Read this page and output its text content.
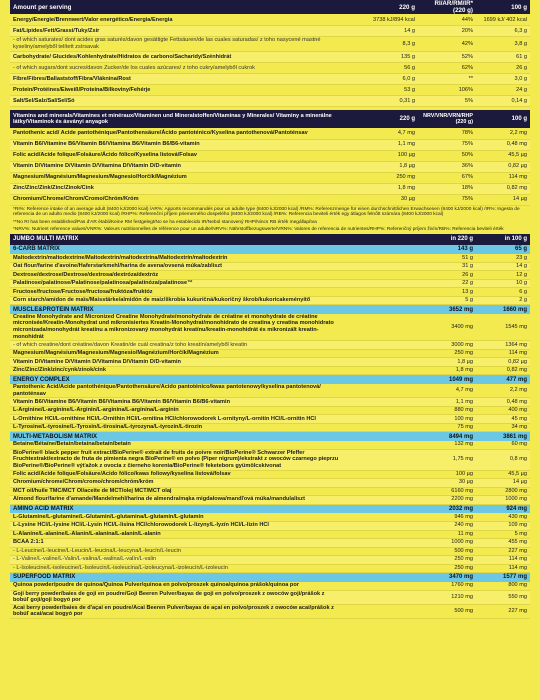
Amount per serving	220 g	RI/AR/RM/IR* (220 g)	100 g
Energy/Energie/Brennwert/Valor energético/Energia/Energia	3738 kJ/894 kcal	44%	1699 kJ/ 402 kcal
Fat/Lipides/Fett/Grassi/Tuky/Zsír	14 g	20%	6,3 g
- of which saturates/ dont acides gras saturés/davon gesättigte Fettsäuren/de las cuales saturadas/ z toho nasycené mastné kyseliny/amelyből telített zsírsavak	8,3 g	42%	3,8 g
Carbohydrate/ Glucides/Kohlenhydrate/Hidratos de carbono/Sacharidy/Szénhidrát	135 g	52%	61 g
- of which sugars/dont sucres/davon Zucker/de los cuales azúcares/ z toho cukry/amelyből cukrok	56 g	62%	26 g
Fibre/Fibres/Ballaststoff/Fibra/Vláknina/Rost	6,0 g	**	3,0 g
Protein/Protéines/Eiweiß/Proteína/Bílkoviny/Fehérje	53 g	106%	24 g
Salt/Sel/Salz/Sal/Sel/Só	0,31 g	5%	0,14 g
Vitamins and minerals/Vitamines et minéraux/Vitaminen und Mineralstoffen/Vitaminas y Minerales/ Vitaminy a minerálne látky/Vitaminok és ásványi anyagok	220 g	NRV/VNR/VRN/RHP (220 g)	100 g
Pantothenic acid/ Acide pantothénique/Pantothensäure/Ácido pantoténico/Kyselina pantothenová/Pantoténsav	4,7 mg	78%	2,2 mg
Vitamin B6/Vitamine B6/Vitamin B6/Vitamina B6/Vitamin B6/B6-vitamin	1,1 mg	75%	0,48 mg
Folic acid/Acide folique/Folsäure/Ácido fólico/Kyselina listová/Folsav	100 µg	50%	45,5 µg
Vitamin D/Vitamine D/Vitamin D/Vitamina D/Vitamín D/D-vitamin	1,8 µg	36%	0,82 µg
Magnesium/Magnésium/Magnesium/Magnesio/Horčík/Magnézium	250 mg	67%	114 mg
Zinc/Zinc/Zink/Zinc/Zinok/Cink	1,8 mg	18%	0,82 mg
Chromium/Chrome/Chrom/Cromo/Chróm/Króm	30 µg	75%	14 µg
*RI%: Reference intake of an average adult (8400 kJ/2000 kcal) /AR%: Apports recommandés pour un adulte type (8400 kJ/2000 kcal) /RM%: Referenzmenge für einen durchschnittlichen Erwachsenen (8400 kJ/2000 kcal) /IR%: Ingesta de referencia de un adulto medio (8400 kJ/2000 kcal) /RHP%: Referenční příjem priemerného dospelého (8400 kJ/2000 kcal) /RB%: Referencia beviteli érték egy átlagos felnőtt számára (8400 kJ/2000 kcal)
**No RI has been established/Pas d'AR établi/Keine RM festgelegt/No se ha establecido IR/Nebol stanovený RHP/Nincs RB érték megállapítva
*NRV%: Nutrient reference values/VNR%: Valeurs nutritionnelles de référence pour un adulte/NRV%: Nährstoffbezugswerte/VRN%: Valores de referencia de nutrientes/RHP%: Referenčný príjem živín/RB%: Referencia beviteli érték
JUMBO MULTI MATRIX	in 220 g	in 100 g
6-CARB MATRIX	143 g	65 g
Maltodextrin/maltodextrine/Maltodextrin/maltodextrina/Maltodextrín/maltodextrin	51 g	23 g
Oat flour/farine d'avoine/Haferstarkmehl/harina de avena/ovsená múka/zabliszt	31 g	14 g
Dextrose/dextrose/Dextrose/dextrosa/dextróza/dextróz	26 g	12 g
Palatinose/palatinose/Palatinose/palatinosa/palatinóza/palatinose™	22 g	10 g
Fructose/fructose/Fructose/fructosa/fruktóza/fruktóz	13 g	6 g
Corn starch/amidon de maïs/Maisstärke/almidón de maíz/škrobia kukuričná/kukoričný škrob/kukoricakeményítő	5 g	2 g
MUSCLE&PROTEIN MATRIX	3652 mg	1660 mg
Creatine Monohydrate and Micronized Creatine Monohydrate/monohydrate de créatine et monohydrate de créatine micronisée/Kreatin-Monohydrat und mikronisiertes Kreatin-Monohydrat/monohidrato de creatina y creatina monohidrato micronizada/monohydrát kreatínu a mikronizovaný monohydrát kreatínu/kreatin-monohidrát és mikronizált kreatin-monohidrát	3400 mg	1545 mg
- of which creatine/dont créatine/davon Kreatin/de cuál creatina/z toho kreatín/amelyből kreatin	3000 mg	1364 mg
Magnesium/Magnésium/Magnesium/Magnesio/Magnézium/Horčík/Magnézium	250 mg	114 mg
Vitamin D/Vitamine D/Vitamin D/Vitamina D/Vitamín D/D-vitamin	1,8 µg	0,82 µg
Zinc/Zinc/Zink/zinc/cynk/zinok/cink	1,8 mg	0,82 mg
ENERGY COMPLEX	1049 mg	477 mg
Pantothenic Acid/Acide pantothénique/Pantothensäure/Ácido pantoténico/kwas pantotenowy/kyselina pantotenová/ pantoténsav	4,7 mg	2,2 mg
Vitamin B6/Vitamine B6/Vitamin B6/Vitamina B6/Vitamin B6/Vitamin B6/B6-vitamin	1,1 mg	0,48 mg
L-Arginine/L-arginine/L-Arginin/L-arginina/L-arginína/L-arginin	880 mg	400 mg
L-Ornithine HCl/L-ornithine HCl/L-Ornithin HCl/L-ornitina HCl/chlorowodorek L-ornityny/L-ornitín HCl/L-ornitin HCl	100 mg	45 mg
L-Tyrosine/L-tyrosine/L-Tyrosin/L-tirosina/L-tyrozyna/L-tyrozín/L-tirozin	75 mg	34 mg
MULTI-METABOLISM MATRIX	8494 mg	3861 mg
Betaine/Bétaïne/Betain/betaína/betaín/betain	132 mg	60 mg
BioPerine® black pepper fruit extract/BioPerine® extrait de fruits de poivre noir/BioPerine® Schwarzer Pfeffer Fruchtextrakt/extracto de fruta de pimienta negra BioPerine® en polvo (Piper nigrum)/ekstrakt z owoców czarnego pieprzu BioPerine®/BioPerine® výťažok z ovocia z čierneho korenia/BioPerine® feketebors gyümölcskivonat	1,75 mg	0,8 mg
Folic acid/Acide folique/Folsäure/Ácido fólico/kwas foliowy/kyselina listová/folsav	100 µg	45,5 µg
Chromium/chrome/Chrom/cromo/chrom/chróm/króm	30 µg	14 µg
MCT oil/huile TMC/MCT Öl/aceite de MCT/olej MCT/MCT olaj	6160 mg	2800 mg
Almond flour/farine d'amande/Mandelmehl/harina de almendra/mąka migdałowa/mandľová múka/mandulaliszt	2200 mg	1000 mg
AMINO ACID MATRIX	2032 mg	924 mg
L-Glutamine/L-glutamine/L-Glutamin/L-glutamina/L-glutamín/L-glutamin	946 mg	430 mg
L-Lysine HCl/L-lysine HCl/L-Lysin HCl/L-lisina HCl/chlorowodorek L-lizyny/L-lyzín HCl/L-lizin HCl	240 mg	109 mg
L-Alanine/L-alanine/L-Alanin/L-alanina/L-alanín/L-alanin	11 mg	5 mg
BCAA 2:1:1	1000 mg	455 mg
- L-Leucine/L-leucine/L-Leucin/L-leucina/L-leucyna/L-leucín/L-leucin	500 mg	227 mg
- L-Valine/L-valine/L-Valin/L-valina/L-walina/L-valín/L-valin	250 mg	114 mg
- L-Isoleucine/L-isoleucine/L-Isoleucin/L-isoleucina/L-izoleucyna/L-izoleucín/L-izoleucin	250 mg	114 mg
SUPERFOOD MATRIX	3470 mg	1577 mg
Quinoa powder/poudre de quinoa/Quinoa Pulver/quinoa en polvo/proszek quinoa/quinoa prášok/quinoa por	1760 mg	800 mg
Goji berry powder/baies de goji en poudre/Goji Beeren Pulver/bayas de goji en polvo/proszek z owoców goji/prášok z bobúľ goji/goji bogyó por	1210 mg	550 mg
Acai berry powder/baies de d'açaí en poudre/Acai Beeren Pulver/bayas de açaí en polvo/proszek z owoców acai/prášok z bobúľ acai/acai bogyó por	500 mg	227 mg
